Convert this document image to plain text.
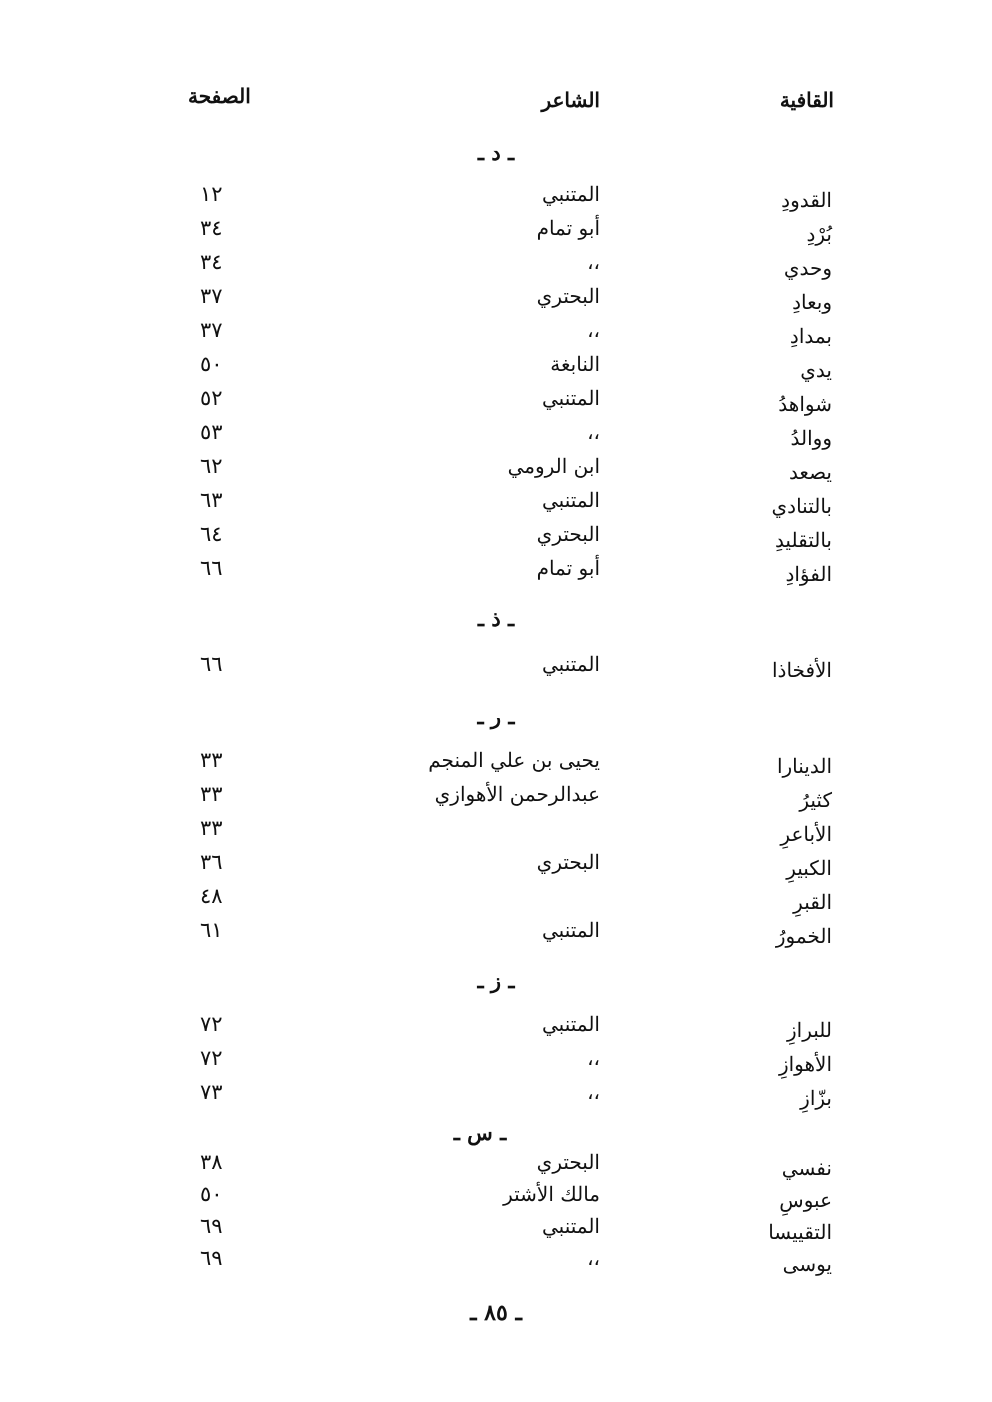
القافية
الشاعر
الصفحة
ـ د ـ
القدودِ
المتنبي
١٢
بُرْدِ
أبو تمام
٣٤
وحدي
،،
٣٤
وبعادِ
البحتري
٣٧
بمدادِ
،،
٣٧
يدي
النابغة
٥٠
شواهدُ
المتنبي
٥٢
ووالدُ
،،
٥٣
يصعد
ابن الرومي
٦٢
بالتنادي
المتنبي
٦٣
بالتقليدِ
البحتري
٦٤
الفؤادِ
أبو تمام
٦٦
ـ ذ ـ
الأفخاذا
المتنبي
٦٦
ـ ر ـ
الدينارا
يحيى بن علي المنجم
٣٣
كثيرُ
عبدالرحمن الأهوازي
٣٣
الأباعرِ
٣٣
الكبيرِ
البحتري
٣٦
القبرِ
٤٨
الخمورُ
المتنبي
٦١
ـ ز ـ
للبرازِ
المتنبي
٧٢
الأهوازِ
،،
٧٢
بزّازِ
،،
٧٣
ـ س ـ
نفسي
البحتري
٣٨
عبوسِ
مالك الأشتر
٥٠
التقييسا
المتنبي
٦٩
يوسى
،،
٦٩
ـ ٨٥ ـ
